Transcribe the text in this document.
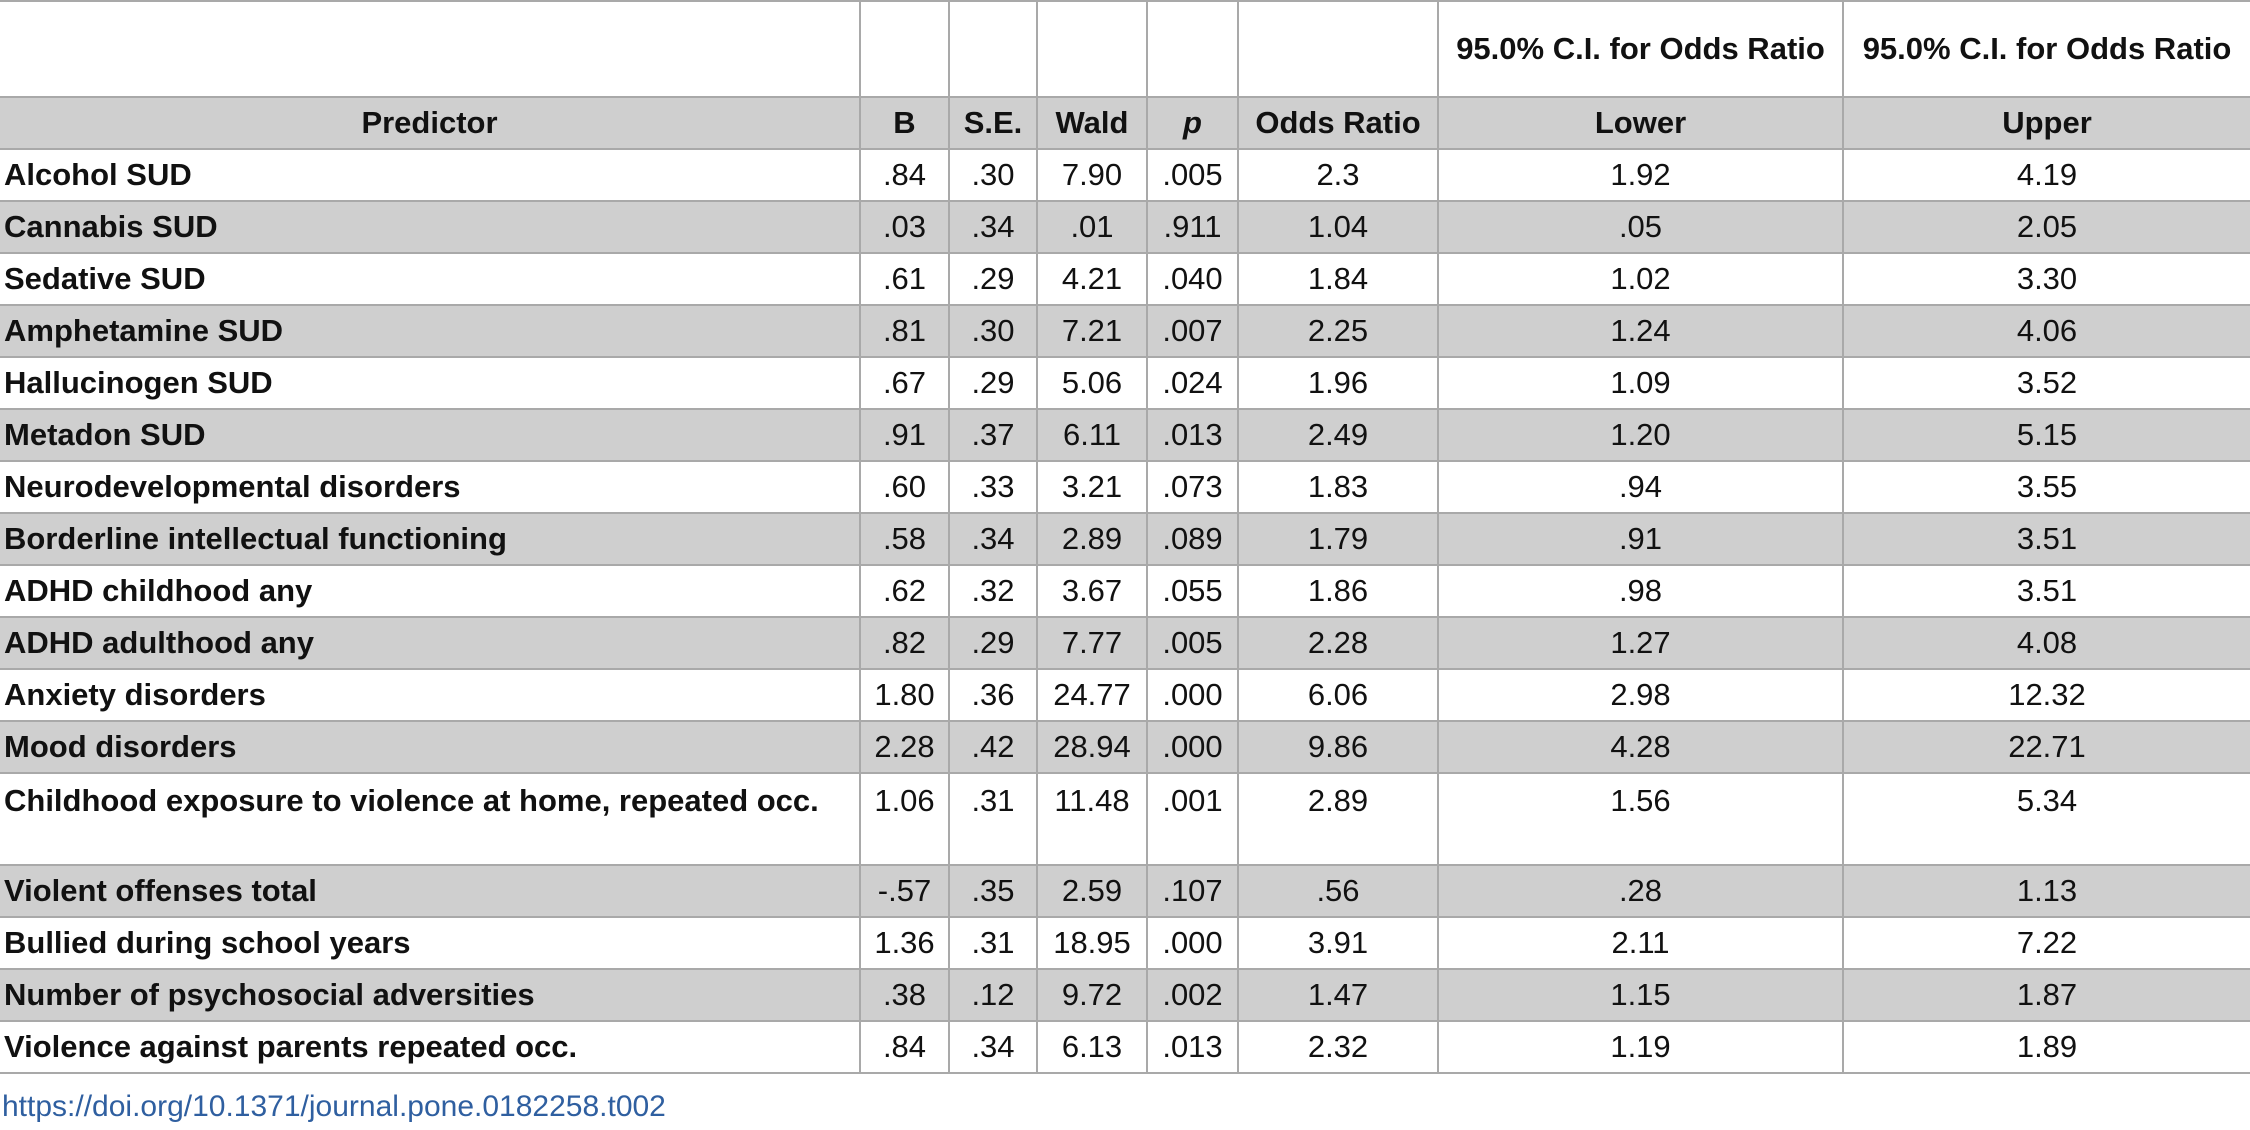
						95.0% C.I. for Odds Ratio	95.0% C.I. for Odds Ratio
Predictor	B	S.E.	Wald	p	Odds Ratio	Lower	Upper
Alcohol SUD	.84	.30	7.90	.005	2.3	1.92	4.19
Cannabis SUD	.03	.34	.01	.911	1.04	.05	2.05
Sedative SUD	.61	.29	4.21	.040	1.84	1.02	3.30
Amphetamine SUD	.81	.30	7.21	.007	2.25	1.24	4.06
Hallucinogen SUD	.67	.29	5.06	.024	1.96	1.09	3.52
Metadon SUD	.91	.37	6.11	.013	2.49	1.20	5.15
Neurodevelopmental disorders	.60	.33	3.21	.073	1.83	.94	3.55
Borderline intellectual functioning	.58	.34	2.89	.089	1.79	.91	3.51
ADHD childhood any	.62	.32	3.67	.055	1.86	.98	3.51
ADHD adulthood any	.82	.29	7.77	.005	2.28	1.27	4.08
Anxiety disorders	1.80	.36	24.77	.000	6.06	2.98	12.32
Mood disorders	2.28	.42	28.94	.000	9.86	4.28	22.71
Childhood exposure to violence at home, repeated occ.	1.06	.31	11.48	.001	2.89	1.56	5.34
Violent offenses total	-.57	.35	2.59	.107	.56	.28	1.13
Bullied during school years	1.36	.31	18.95	.000	3.91	2.11	7.22
Number of psychosocial adversities	.38	.12	9.72	.002	1.47	1.15	1.87
Violence against parents repeated occ.	.84	.34	6.13	.013	2.32	1.19	1.89
https://doi.org/10.1371/journal.pone.0182258.t002
